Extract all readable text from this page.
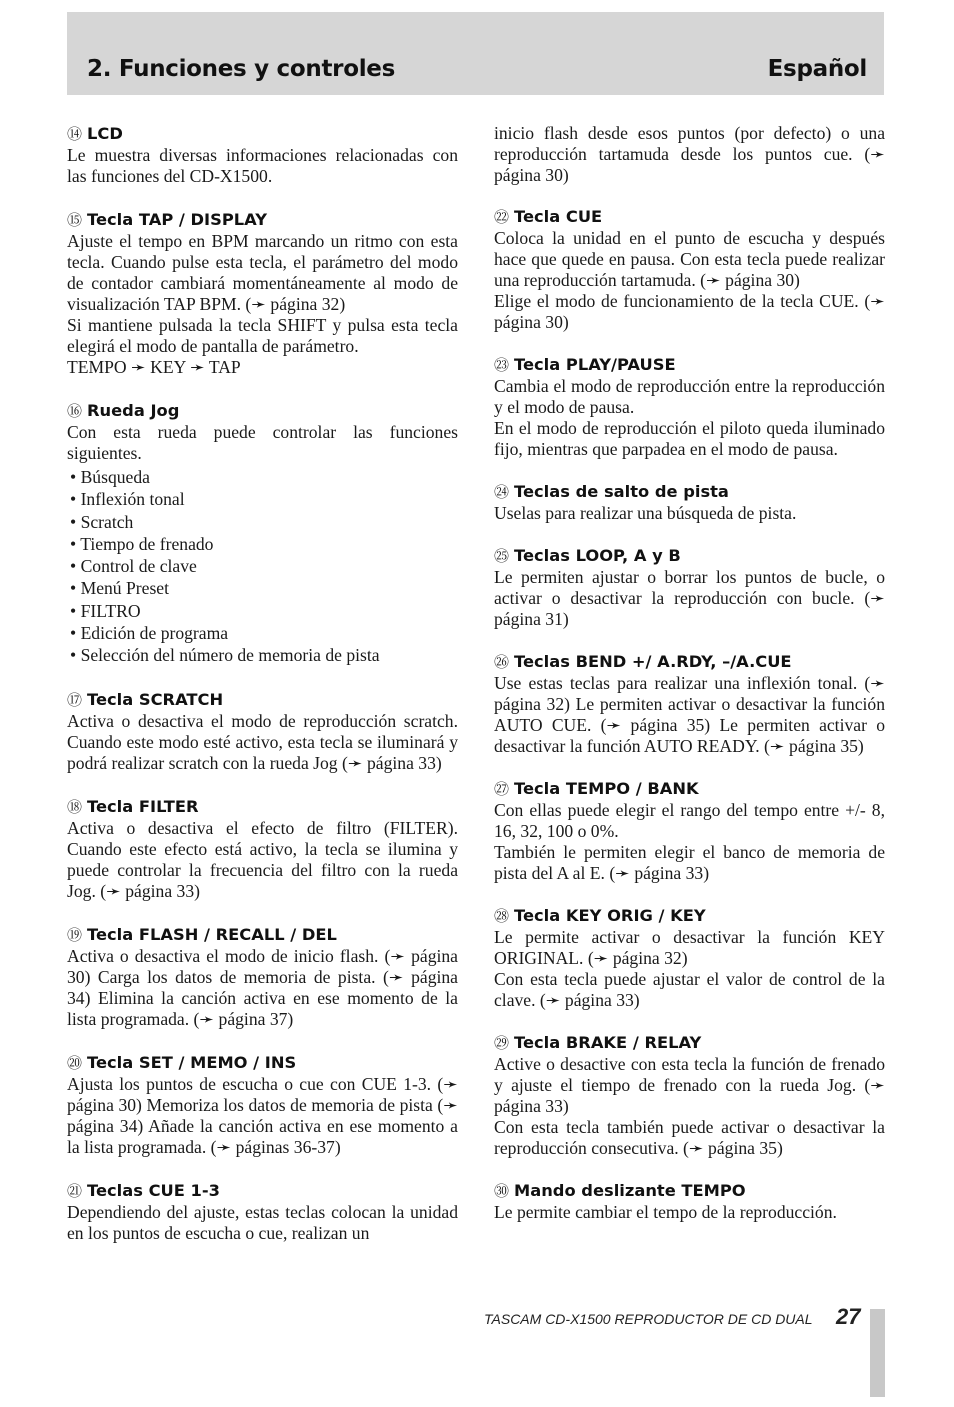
2. Funciones y controles	Español
⑭ LCD
Le muestra diversas informaciones relacionadas con las funciones del CD-X1500.
⑮ Tecla TAP / DISPLAY
Ajuste el tempo en BPM marcando un ritmo con esta tecla. Cuando pulse esta tecla, el parámetro del modo de contador cambiará momentáneamente al modo de visualización TAP BPM. (➛ página 32)
Si mantiene pulsada la tecla SHIFT y pulsa esta tecla elegirá el modo de pantalla de parámetro.
TEMPO ➛ KEY ➛ TAP
⑯ Rueda Jog
Con esta rueda puede controlar las funciones siguientes.
• Búsqueda
• Inflexión tonal
• Scratch
• Tiempo de frenado
• Control de clave
• Menú Preset
• FILTRO
• Edición de programa
• Selección del número de memoria de pista
⑰ Tecla SCRATCH
Activa o desactiva el modo de reproducción scratch. Cuando este modo esté activo, esta tecla se iluminará y podrá realizar scratch con la rueda Jog (➛ página 33)
⑱ Tecla FILTER
Activa o desactiva el efecto de filtro (FILTER). Cuando este efecto está activo, la tecla se ilumina y puede controlar la frecuencia del filtro con la rueda Jog. (➛ página 33)
⑲ Tecla FLASH / RECALL / DEL
Activa o desactiva el modo de inicio flash. (➛ página 30) Carga los datos de memoria de pista. (➛ página 34) Elimina la canción activa en ese momento de la lista programada. (➛ página 37)
⑳ Tecla SET / MEMO / INS
Ajusta los puntos de escucha o cue con CUE 1-3. (➛ página 30) Memoriza los datos de memoria de pista (➛ página 34) Añade la canción activa en ese momento a la lista programada. (➛ páginas 36-37)
㉑ Teclas CUE 1-3
Dependiendo del ajuste, estas teclas colocan la unidad en los puntos de escucha o cue, realizan un
inicio flash desde esos puntos (por defecto) o una reproducción tartamuda desde los puntos cue. (➛ página 30)
㉒ Tecla CUE
Coloca la unidad en el punto de escucha y después hace que quede en pausa. Con esta tecla puede realizar una reproducción tartamuda. (➛ página 30)
Elige el modo de funcionamiento de la tecla CUE. (➛ página 30)
㉓ Tecla PLAY/PAUSE
Cambia el modo de reproducción entre la reproducción y el modo de pausa.
En el modo de reproducción el piloto queda iluminado fijo, mientras que parpadea en el modo de pausa.
㉔ Teclas de salto de pista
Uselas para realizar una búsqueda de pista.
㉕ Teclas LOOP, A y B
Le permiten ajustar o borrar los puntos de bucle, o activar o desactivar la reproducción con bucle. (➛ página 31)
㉖ Teclas BEND +/ A.RDY, –/A.CUE
Use estas teclas para realizar una inflexión tonal. (➛ página 32) Le permiten activar o desactivar la función AUTO CUE. (➛ página 35) Le permiten activar o desactivar la función AUTO READY. (➛ página 35)
㉗ Tecla TEMPO / BANK
Con ellas puede elegir el rango del tempo entre +/- 8, 16, 32, 100 o 0%.
También le permiten elegir el banco de memoria de pista del A al E. (➛ página 33)
㉘ Tecla KEY ORIG / KEY
Le permite activar o desactivar la función KEY ORIGINAL. (➛ página 32)
Con esta tecla puede ajustar el valor de control de la clave. (➛ página 33)
㉙ Tecla BRAKE / RELAY
Active o desactive con esta tecla la función de frenado y ajuste el tiempo de frenado con la rueda Jog. (➛ página 33)
Con esta tecla también puede activar o desactivar la reproducción consecutiva. (➛ página 35)
㉚ Mando deslizante TEMPO
Le permite cambiar el tempo de la reproducción.
TASCAM CD-X1500 REPRODUCTOR DE CD DUAL 27
